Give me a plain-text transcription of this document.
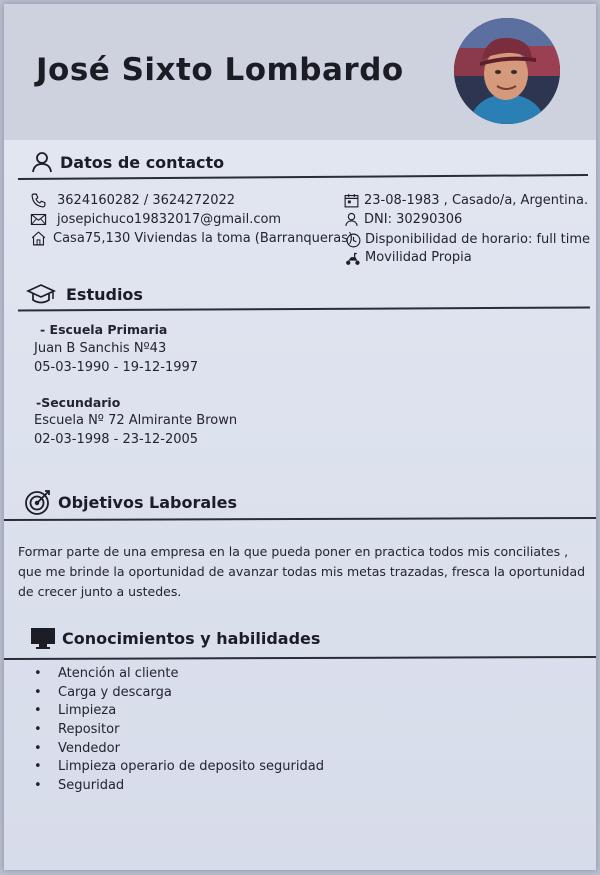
José Sixto Lombardo
Datos de contacto
3624160282 / 3624272022
josepichuco19832017@gmail.com
Casa75,130 Viviendas la toma (Barranqueras)
23-08-1983 , Casado/a, Argentina.
DNI: 30290306
Disponibilidad de horario: full time
Movilidad Propia
Estudios
- Escuela Primaria
Juan B Sanchis Nº43
05-03-1990 - 19-12-1997
-Secundario
Escuela Nº 72 Almirante Brown
02-03-1998 - 23-12-2005
Objetivos Laborales
Formar parte de una empresa en la que pueda poner en practica todos mis conciliates , que me brinde la oportunidad de avanzar todas mis metas trazadas, fresca la oportunidad de crecer junto a ustedes.
Conocimientos y habilidades
• Atención al cliente
• Carga y descarga
• Limpieza
• Repositor
• Vendedor
• Limpieza operario de deposito seguridad
• Seguridad
